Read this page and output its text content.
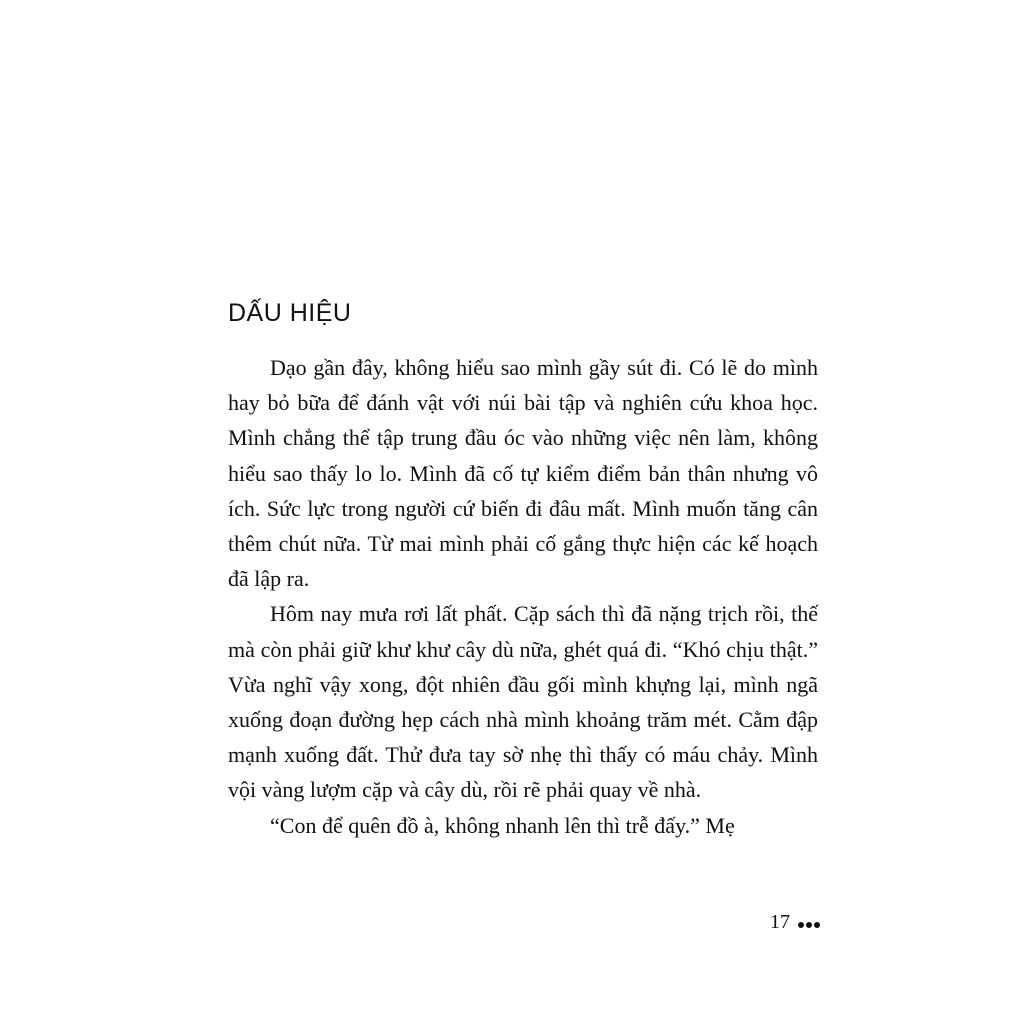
DẤU HIỆU

Dạo gần đây, không hiểu sao mình gầy sút đi. Có lẽ do mình hay bỏ bữa để đánh vật với núi bài tập và nghiên cứu khoa học. Mình chẳng thể tập trung đầu óc vào những việc nên làm, không hiểu sao thấy lo lo. Mình đã cố tự kiểm điểm bản thân nhưng vô ích. Sức lực trong người cứ biến đi đâu mất. Mình muốn tăng cân thêm chút nữa. Từ mai mình phải cố gắng thực hiện các kế hoạch đã lập ra.

Hôm nay mưa rơi lất phất. Cặp sách thì đã nặng trịch rồi, thế mà còn phải giữ khư khư cây dù nữa, ghét quá đi. “Khó chịu thật.” Vừa nghĩ vậy xong, đột nhiên đầu gối mình khựng lại, mình ngã xuống đoạn đường hẹp cách nhà mình khoảng trăm mét. Cằm đập mạnh xuống đất. Thử đưa tay sờ nhẹ thì thấy có máu chảy. Mình vội vàng lượm cặp và cây dù, rồi rẽ phải quay về nhà.

“Con để quên đồ à, không nhanh lên thì trễ đấy.” Mẹ

17
